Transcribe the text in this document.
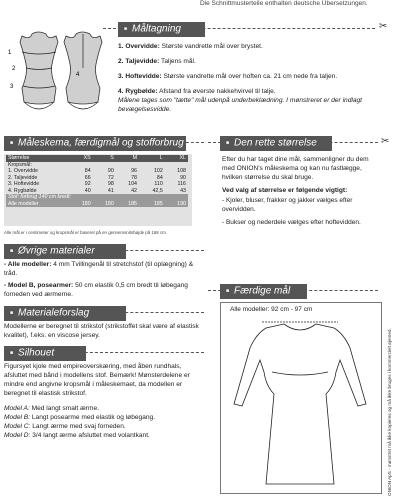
Die Schnittmusterteile enthalten deutsche Übersetzungen.
✂
■ Måltagning
1
2
3
4

1. Overvidde: Største vandrette mål over brystet.

2. Taljevidde: Taljens mål.

3. Hoftevidde: Største vandrette mål over hoften ca. 21 cm nede fra taljen.

4. Rygbølde: Afstand fra øverste nakkehvirvel til talje.

Målene tages som "tætte" mål udenpå underbeklædning. I mønstreret er der indlagt bevægelsesvidde.

■ Måleskema, færdigmål og stofforbrug
Størrelse	XS	S	M	L	XL
Kropsmål:					
1. Overvidde	84	90	96	102	108
2. Taljevidde	66	72	78	84	90
3. Hoftevidde	92	98	104	110	116
4. Rygbølde	40	41	42	42,5	43
Stof: forbrug 140 cm bredt:					
Alle modeller	180	180	185	185	190
Alle mål er i centimeter og kropsmål er baseret på en gennemsnitshøjde på 168 cm.
■ Øvrige materialer

- Alle modeller: 4 mm Tvillingenål til stretchstof (til oplægning) & tråd.

- Model B, posearmer: 50 cm elastik 0,5 cm bredt til løbegang forneden ved ærmerne.

■ Materialeforslag
Modellerne er beregnet til strikstof (strikstoffet skal være af elastisk kvalitet), f.eks. en viscose jersey.
■ Silhouet
Figursyet kjole med empireoverskæring, med åben rundhals, afsluttet med bånd i modellens stof. Bemærk! Mønsterdelene er mindre end angivne kropsmål i måleskemaet, da modellen er beregnet til elastisk strikstof.

Model A: Med langt smalt ærme.

Model B: Langt posearme med elastik og løbegang.

Model C: Langt ærme med svaj forneden.

Model D: 3/4 langt ærme afsluttet med volantkant.

✂
■ Den rette størrelse

Efter du har taget dine mål, sammenligner du dem med ONION's måleskema og kan nu fastlægge, hvilken størrelse du skal bruge.

Ved valg af størrelse er følgende vigtigt:

- Kjoler, bluser, frakker og jakker vælges efter overvidden.

- Bukser og nederdele vælges efter hoftevidden.

■ Færdige mål
Alle modeller: 92 cm - 97 cm
ONION ApS - mønstret må ikke kopieres og må ikke bruges i kommercielt øjemed.
